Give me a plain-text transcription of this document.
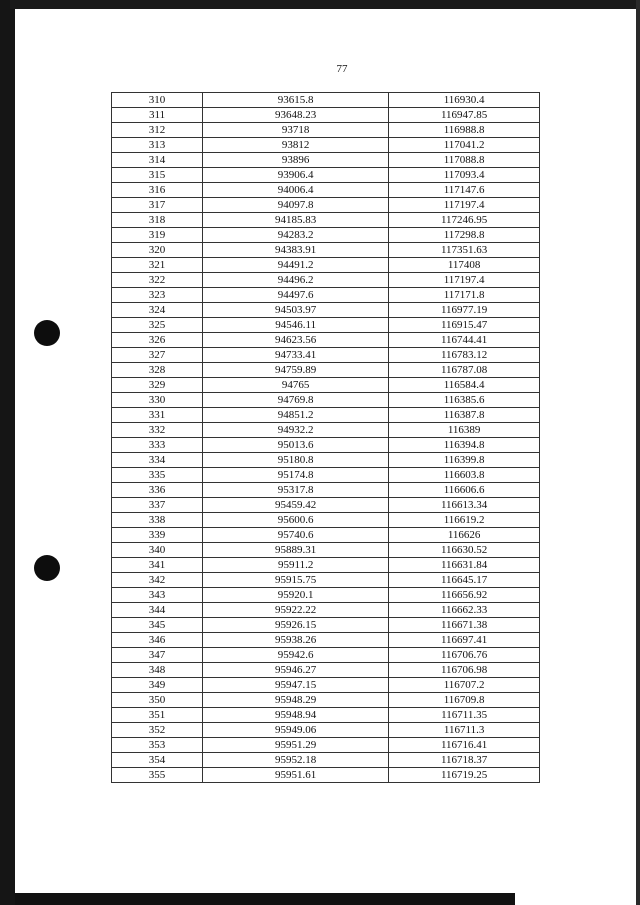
77
310	93615.8	116930.4
311	93648.23	116947.85
312	93718	116988.8
313	93812	117041.2
314	93896	117088.8
315	93906.4	117093.4
316	94006.4	117147.6
317	94097.8	117197.4
318	94185.83	117246.95
319	94283.2	117298.8
320	94383.91	117351.63
321	94491.2	117408
322	94496.2	117197.4
323	94497.6	117171.8
324	94503.97	116977.19
325	94546.11	116915.47
326	94623.56	116744.41
327	94733.41	116783.12
328	94759.89	116787.08
329	94765	116584.4
330	94769.8	116385.6
331	94851.2	116387.8
332	94932.2	116389
333	95013.6	116394.8
334	95180.8	116399.8
335	95174.8	116603.8
336	95317.8	116606.6
337	95459.42	116613.34
338	95600.6	116619.2
339	95740.6	116626
340	95889.31	116630.52
341	95911.2	116631.84
342	95915.75	116645.17
343	95920.1	116656.92
344	95922.22	116662.33
345	95926.15	116671.38
346	95938.26	116697.41
347	95942.6	116706.76
348	95946.27	116706.98
349	95947.15	116707.2
350	95948.29	116709.8
351	95948.94	116711.35
352	95949.06	116711.3
353	95951.29	116716.41
354	95952.18	116718.37
355	95951.61	116719.25
